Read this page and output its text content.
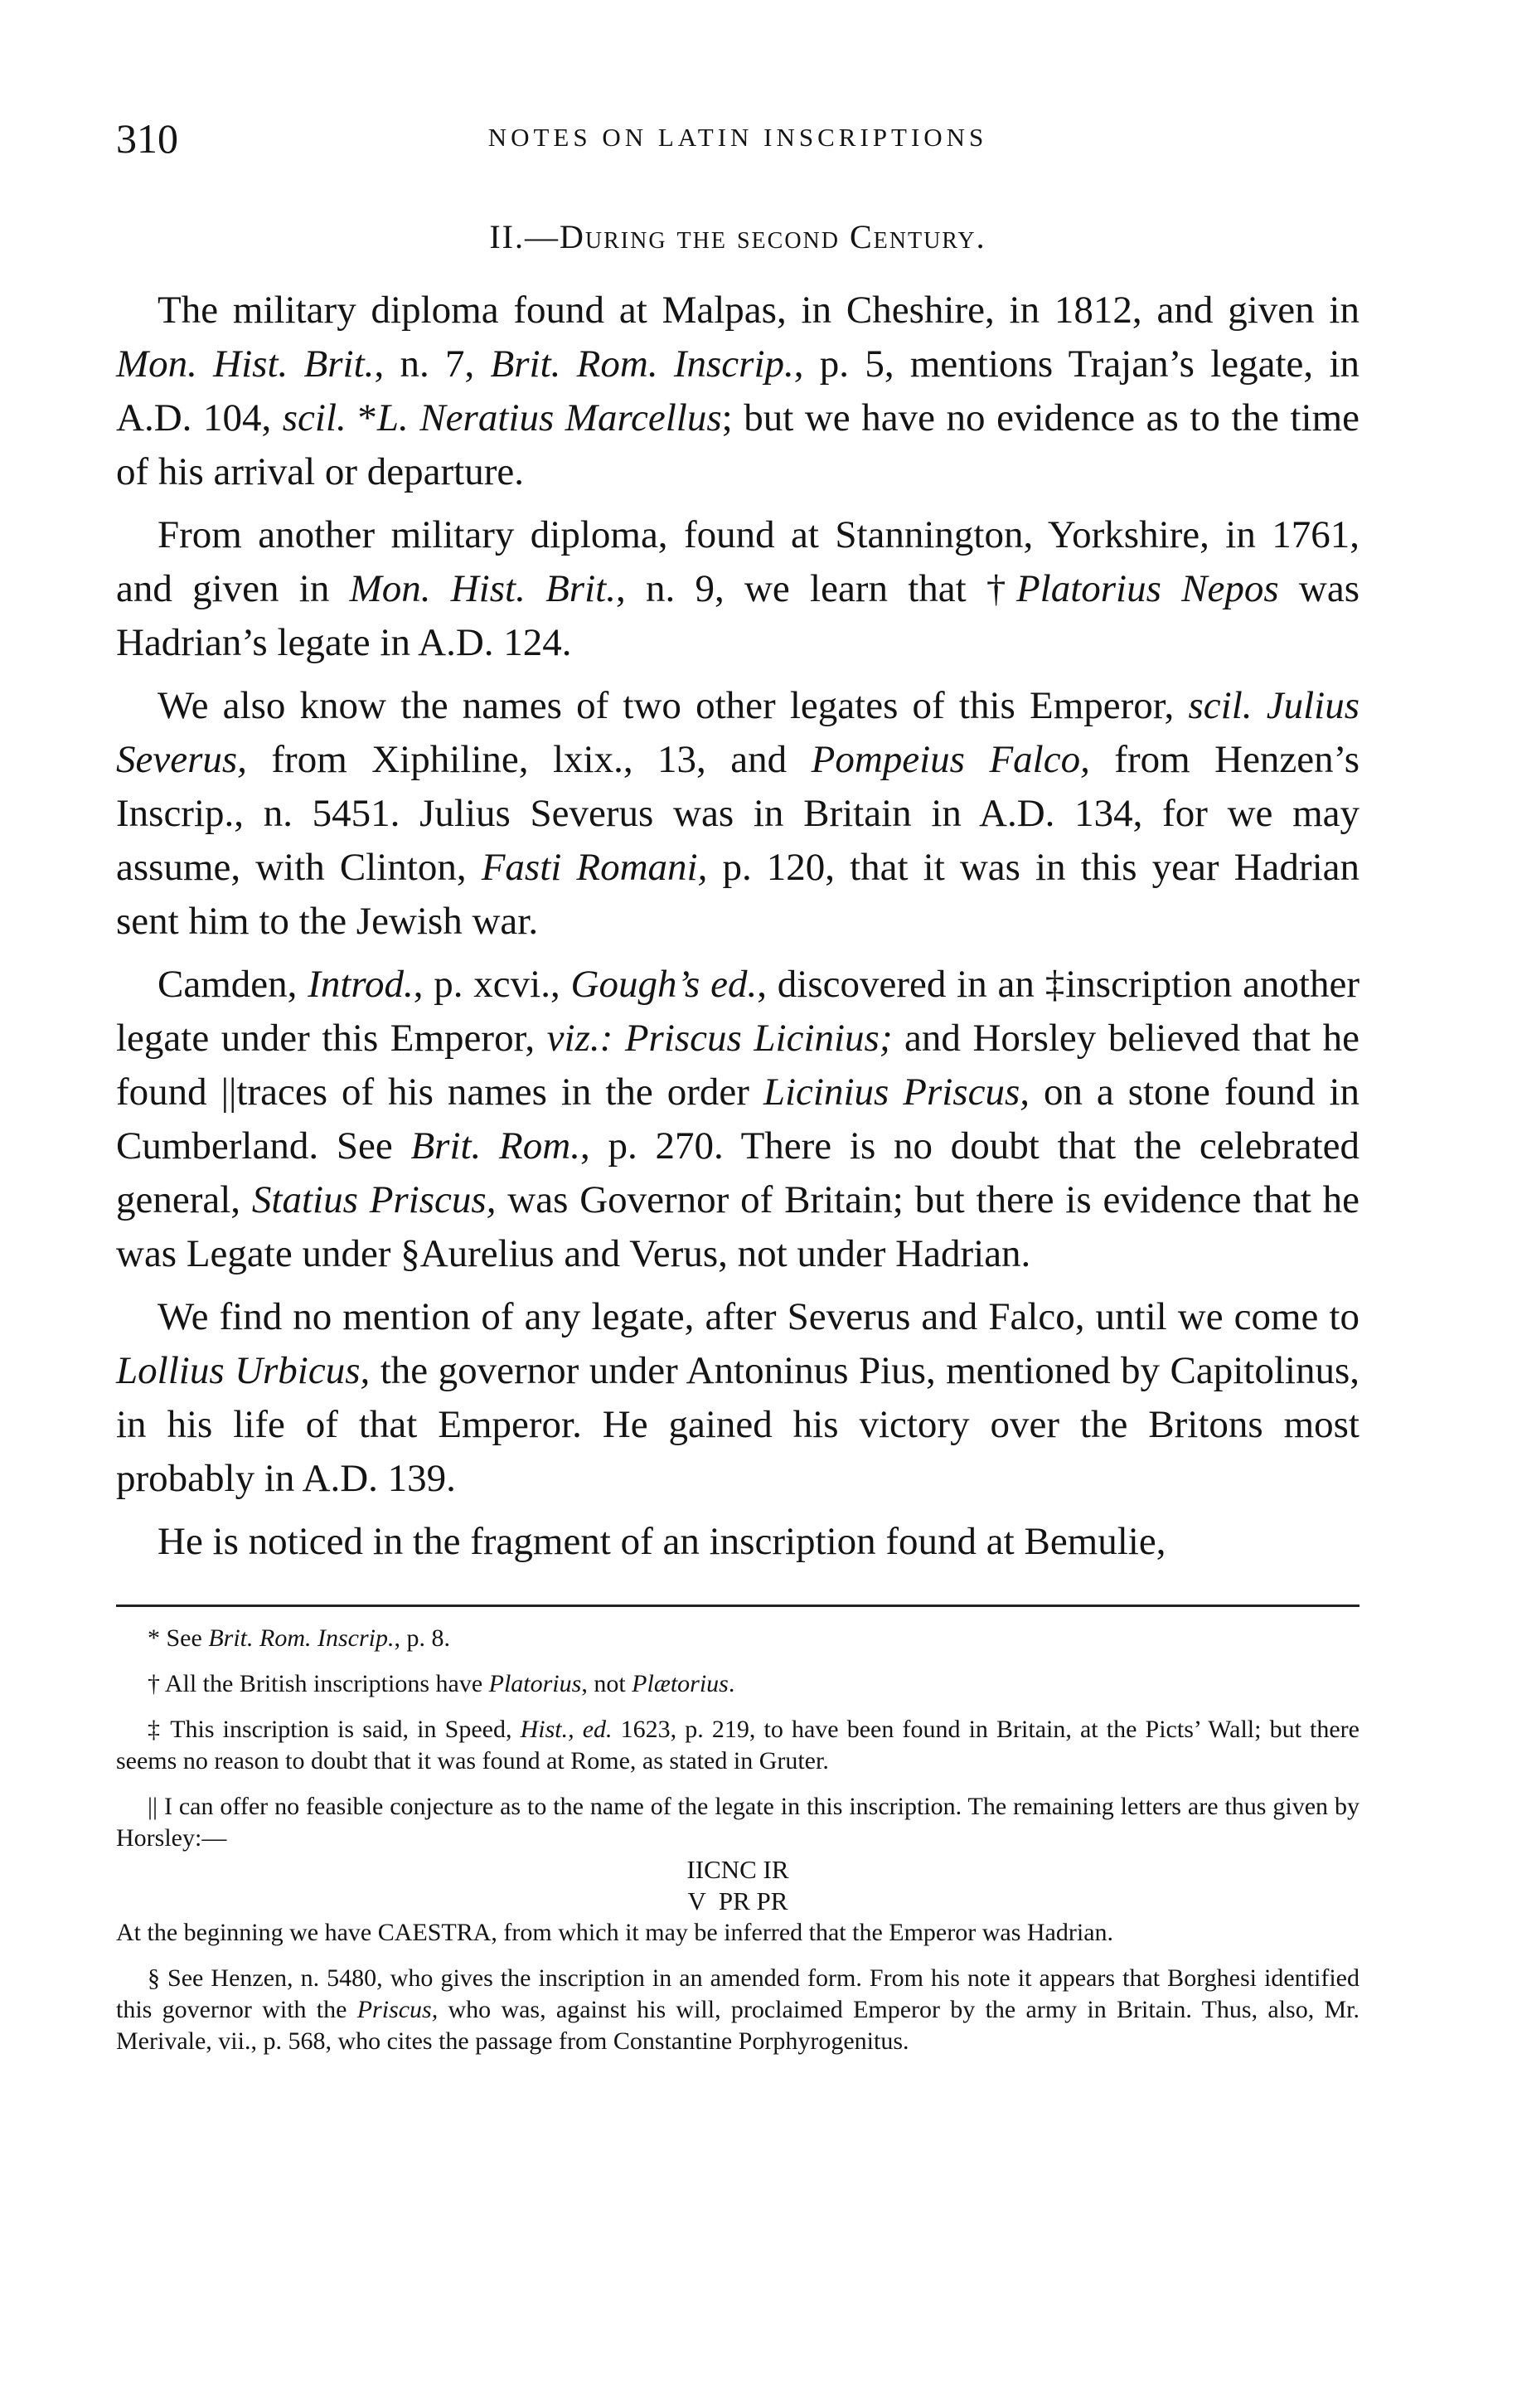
310	NOTES ON LATIN INSCRIPTIONS
II.—During the second Century.

The military diploma found at Malpas, in Cheshire, in 1812, and given in Mon. Hist. Brit., n. 7, Brit. Rom. Inscrip., p. 5, mentions Trajan’s legate, in A.D. 104, scil. *L. Neratius Marcellus; but we have no evidence as to the time of his arrival or departure.

From another military diploma, found at Stannington, Yorkshire, in 1761, and given in Mon. Hist. Brit., n. 9, we learn that †Platorius Nepos was Hadrian’s legate in A.D. 124.

We also know the names of two other legates of this Emperor, scil. Julius Severus, from Xiphiline, lxix., 13, and Pompeius Falco, from Henzen’s Inscrip., n. 5451. Julius Severus was in Britain in A.D. 134, for we may assume, with Clinton, Fasti Romani, p. 120, that it was in this year Hadrian sent him to the Jewish war.

Camden, Introd., p. xcvi., Gough’s ed., discovered in an ‡inscription another legate under this Emperor, viz.: Priscus Licinius; and Horsley believed that he found ||traces of his names in the order Licinius Priscus, on a stone found in Cumberland. See Brit. Rom., p. 270. There is no doubt that the celebrated general, Statius Priscus, was Governor of Britain; but there is evidence that he was Legate under §Aurelius and Verus, not under Hadrian.

We find no mention of any legate, after Severus and Falco, until we come to Lollius Urbicus, the governor under Antoninus Pius, mentioned by Capitolinus, in his life of that Emperor. He gained his victory over the Britons most probably in A.D. 139.

He is noticed in the fragment of an inscription found at Bemulie,

* See Brit. Rom. Inscrip., p. 8.

† All the British inscriptions have Platorius, not Plætorius.

‡ This inscription is said, in Speed, Hist., ed. 1623, p. 219, to have been found in Britain, at the Picts’ Wall; but there seems no reason to doubt that it was found at Rome, as stated in Gruter.

|| I can offer no feasible conjecture as to the name of the legate in this inscription. The remaining letters are thus given by Horsley:—

IICNC IR
V  PR PR

At the beginning we have CAESTRA, from which it may be inferred that the Emperor was Hadrian.

§ See Henzen, n. 5480, who gives the inscription in an amended form. From his note it appears that Borghesi identified this governor with the Priscus, who was, against his will, proclaimed Emperor by the army in Britain. Thus, also, Mr. Merivale, vii., p. 568, who cites the passage from Constantine Porphyrogenitus.
